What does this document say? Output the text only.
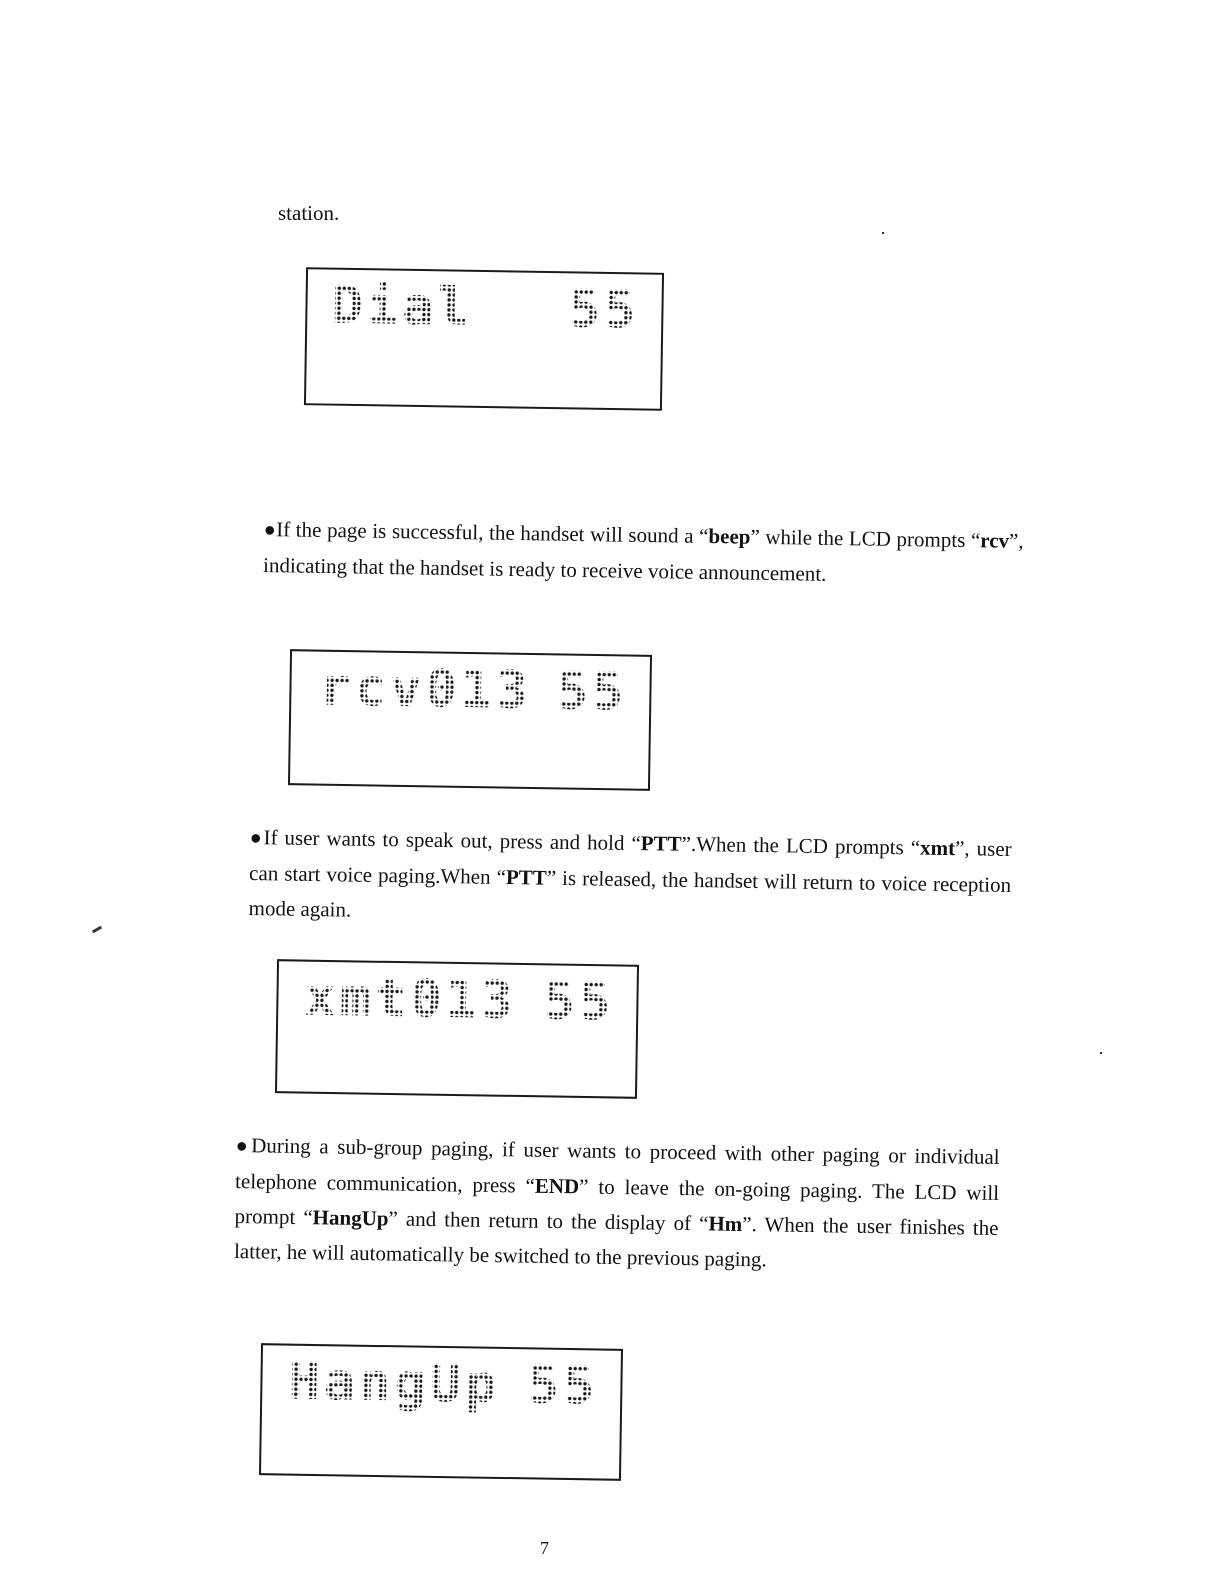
station.
Dial 55
●If the page is successful, the handset will sound a “beep” while the LCD prompts “rcv”, indicating that the handset is ready to receive voice announcement.
rcv013 55
●If user wants to speak out, press and hold “PTT”.When the LCD prompts “xmt”, user can start voice paging.When “PTT” is released, the handset will return to voice reception mode again.
xmt013 55
●During a sub-group paging, if user wants to proceed with other paging or individual telephone communication, press “END” to leave the on-going paging. The LCD will prompt “HangUp” and then return to the display of “Hm”. When the user finishes the latter, he will automatically be switched to the previous paging.
HangUp 55
7
